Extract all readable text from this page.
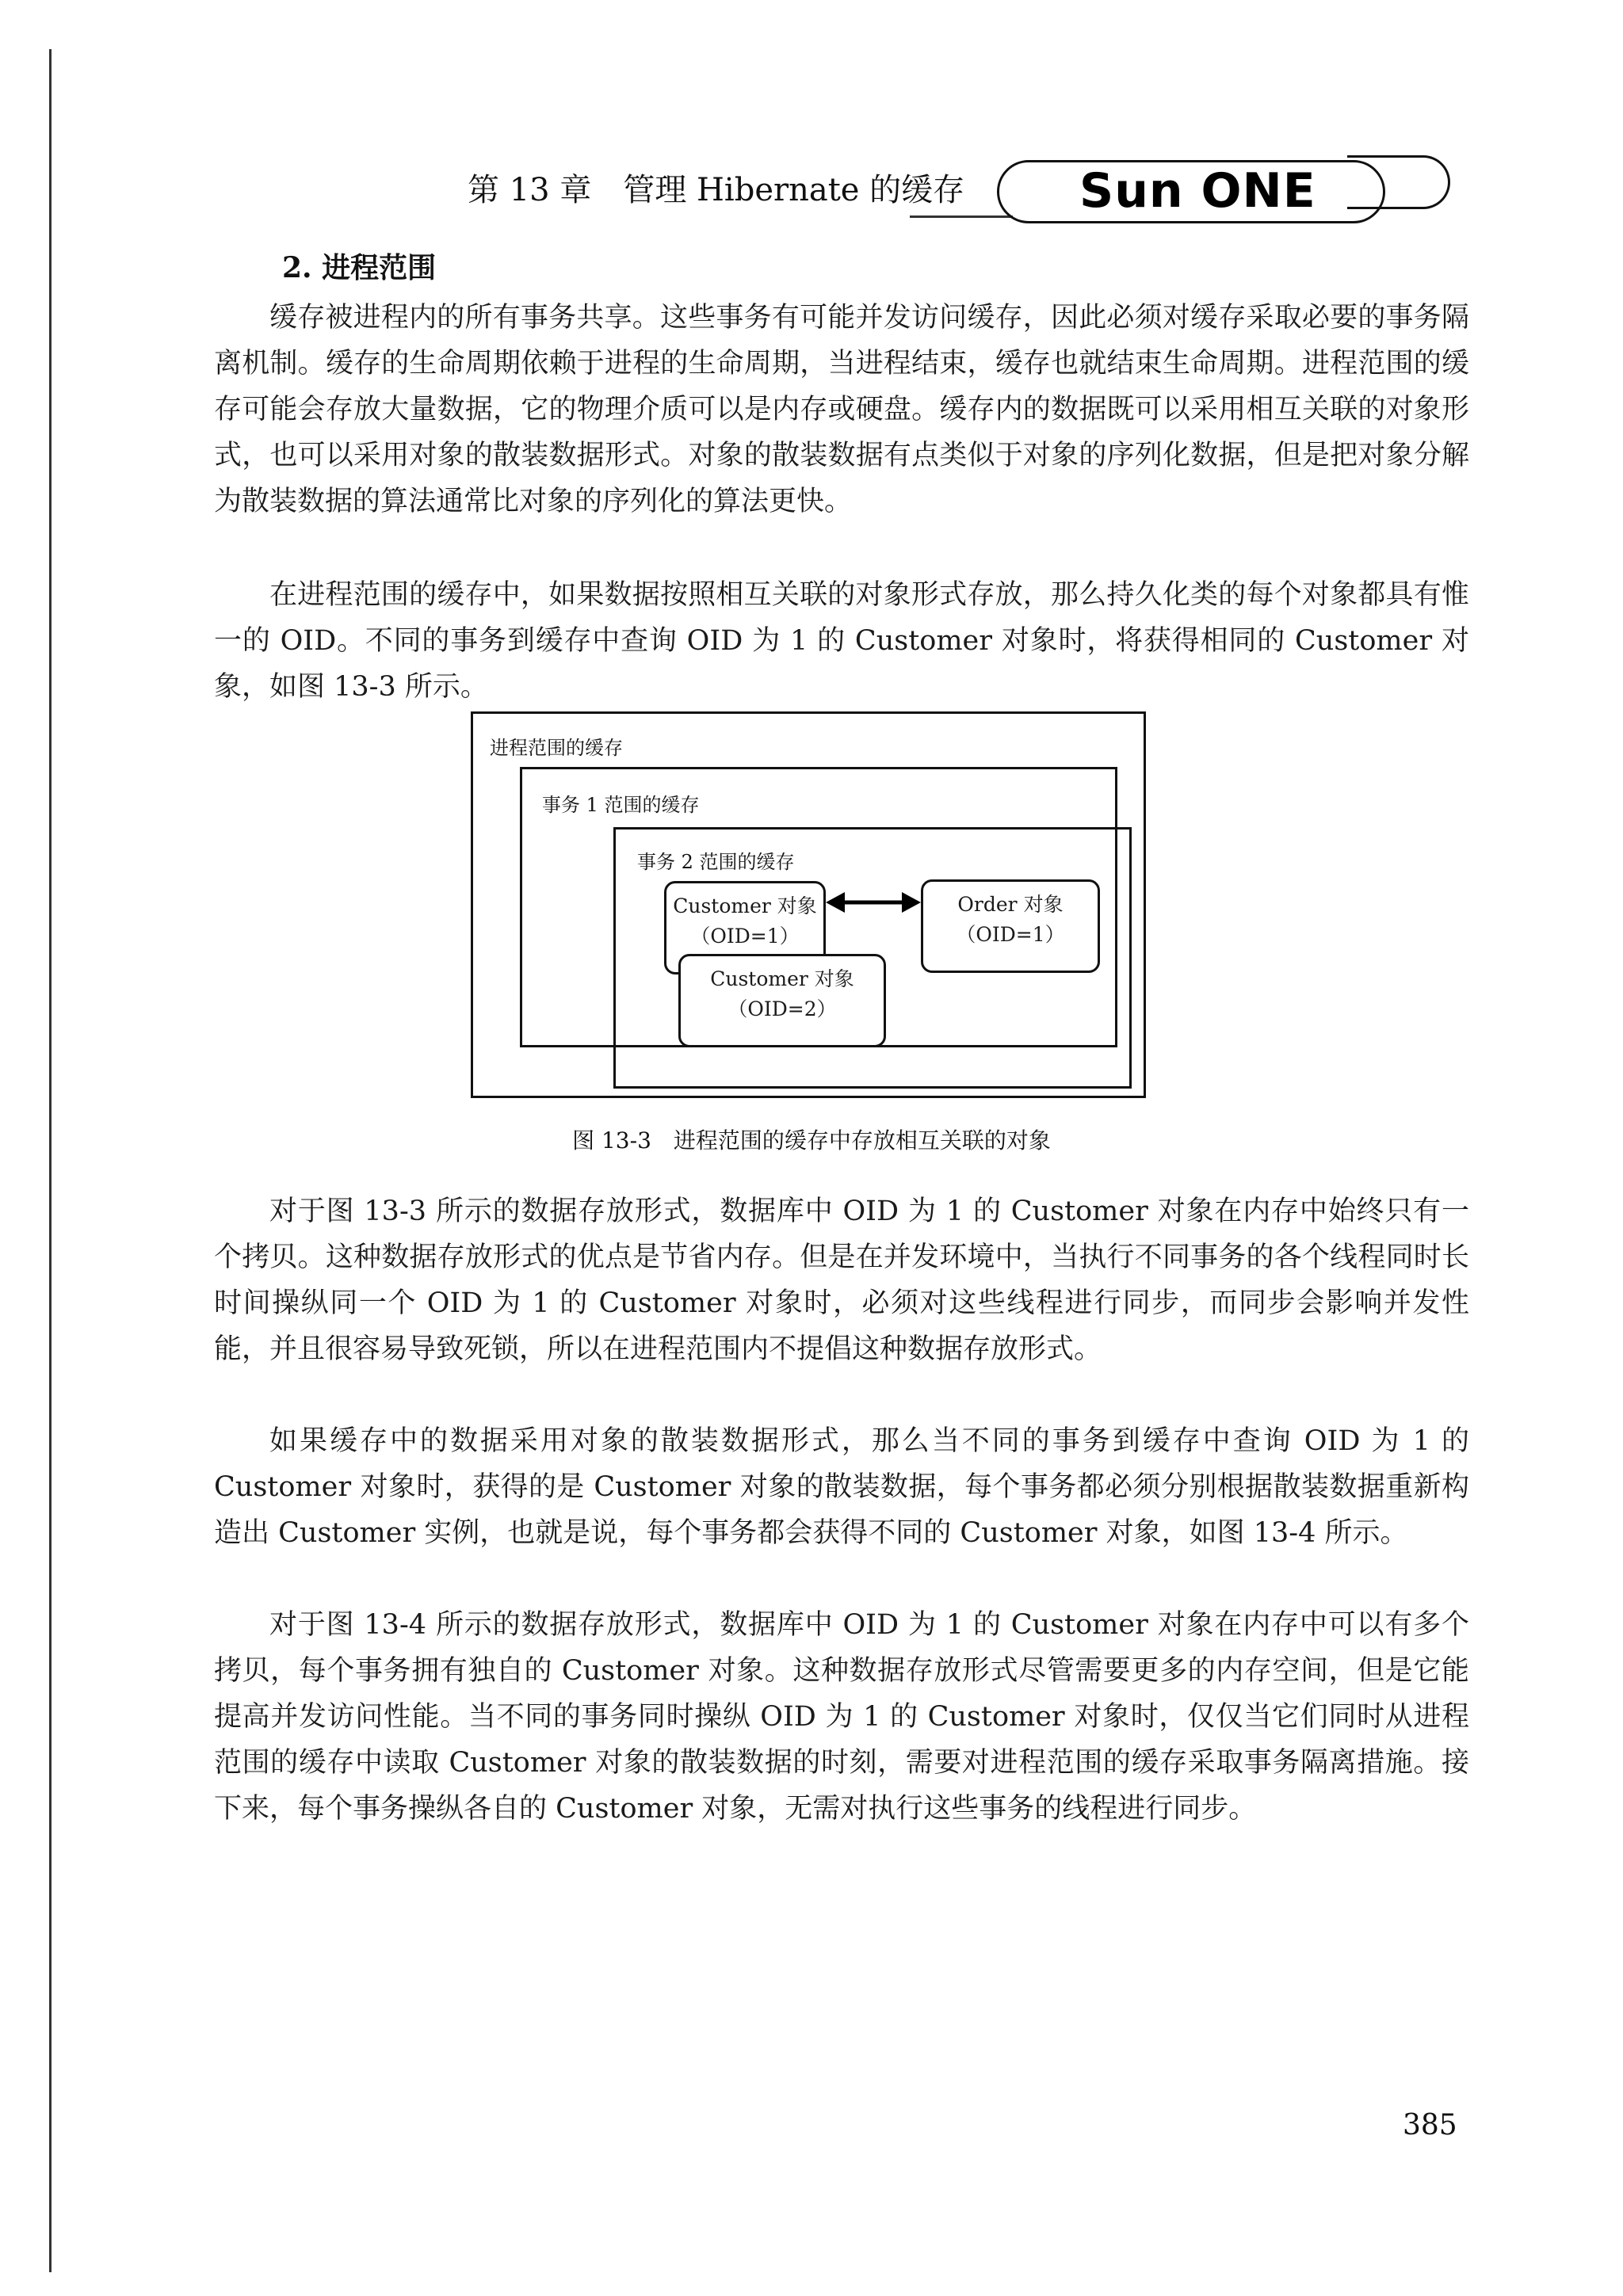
第 13 章　管理 Hibernate 的缓存 Sun ONE
2. 进程范围

缓存被进程内的所有事务共享。这些事务有可能并发访问缓存，因此必须对缓存采取必要的事务隔离机制。缓存的生命周期依赖于进程的生命周期，当进程结束，缓存也就结束生命周期。进程范围的缓存可能会存放大量数据，它的物理介质可以是内存或硬盘。缓存内的数据既可以采用相互关联的对象形式，也可以采用对象的散装数据形式。对象的散装数据有点类似于对象的序列化数据，但是把对象分解为散装数据的算法通常比对象的序列化的算法更快。

在进程范围的缓存中，如果数据按照相互关联的对象形式存放，那么持久化类的每个对象都具有惟一的 OID。不同的事务到缓存中查询 OID 为 1 的 Customer 对象时，将获得相同的 Customer 对象，如图 13-3 所示。

进程范围的缓存
事务 1 范围的缓存
事务 2 范围的缓存
Customer 对象
（OID=1）
Order 对象
（OID=1）
Customer 对象
（OID=2）
图 13-3　进程范围的缓存中存放相互关联的对象

对于图 13-3 所示的数据存放形式，数据库中 OID 为 1 的 Customer 对象在内存中始终只有一个拷贝。这种数据存放形式的优点是节省内存。但是在并发环境中，当执行不同事务的各个线程同时长时间操纵同一个 OID 为 1 的 Customer 对象时，必须对这些线程进行同步，而同步会影响并发性能，并且很容易导致死锁，所以在进程范围内不提倡这种数据存放形式。

如果缓存中的数据采用对象的散装数据形式，那么当不同的事务到缓存中查询 OID 为 1 的 Customer 对象时，获得的是 Customer 对象的散装数据，每个事务都必须分别根据散装数据重新构造出 Customer 实例，也就是说，每个事务都会获得不同的 Customer 对象，如图 13-4 所示。

对于图 13-4 所示的数据存放形式，数据库中 OID 为 1 的 Customer 对象在内存中可以有多个拷贝，每个事务拥有独自的 Customer 对象。这种数据存放形式尽管需要更多的内存空间，但是它能提高并发访问性能。当不同的事务同时操纵 OID 为 1 的 Customer 对象时，仅仅当它们同时从进程范围的缓存中读取 Customer 对象的散装数据的时刻，需要对进程范围的缓存采取事务隔离措施。接下来，每个事务操纵各自的 Customer 对象，无需对执行这些事务的线程进行同步。

385
